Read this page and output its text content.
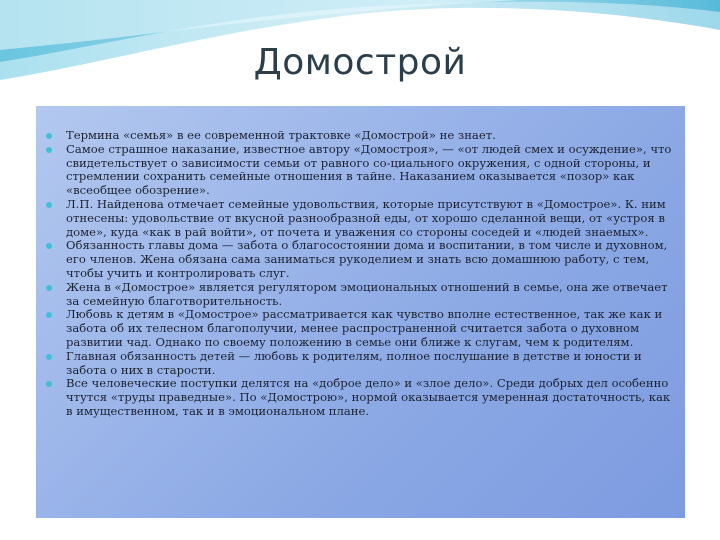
Домострой
Термина «семья» в ее современной трактовке «Домострой» не знает.
Самое страшное наказание, известное автору «Домостроя», — «от людей смех и осуждение», что свидетельствует о зависимости семьи от равного со-циального окружения, с одной стороны, и стремлении сохранить семейные отношения в тайне. Наказанием оказывается «позор» как «всеобщее обозрение».
Л.П. Найденова отмечает семейные удовольствия, которые присутствуют в «Домострое». К. ним отнесены: удовольствие от вкусной разнообразной еды, от хорошо сделанной вещи, от «устроя в доме», куда «как в рай войти», от почета и уважения со стороны соседей и «людей знаемых».
Обязанность главы дома — забота о благосостоянии дома и воспитании, в том числе и духовном, его членов. Жена обязана сама заниматься рукоделием и знать всю домашнюю работу, с тем, чтобы учить и контролировать слуг.
Жена в «Домострое» является регулятором эмоциональных отношений в семье, она же отвечает за семейную благотворительность.
Любовь к детям в «Домострое» рассматривается как чувство вполне естественное, так же как и забота об их телесном благополучии, менее распространенной считается забота о духовном развитии чад. Однако по своему положению в семье они ближе к слугам, чем к родителям.
Главная обязанность детей — любовь к родителям, полное послушание в детстве и юности и забота о них в старости.
Все человеческие поступки делятся на «доброе дело» и «злое дело». Среди добрых дел особенно чтутся «труды праведные». По «Домострою», нормой оказывается умеренная достаточность, как в имущественном, так и в эмоциональном плане.
